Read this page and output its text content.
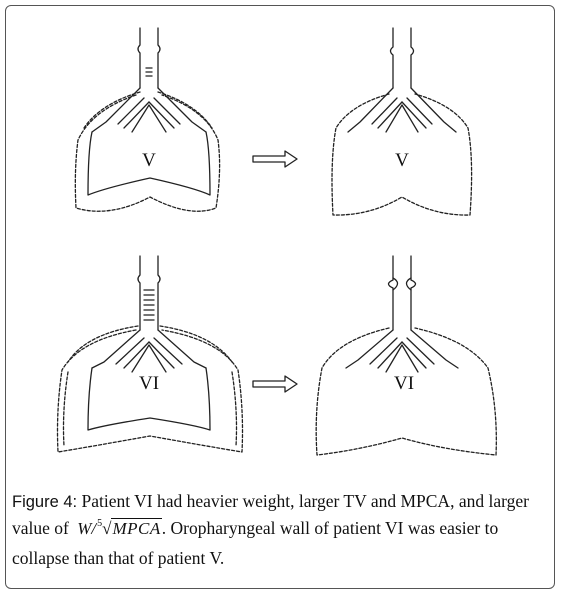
V	V
VI	VI
Figure 4: Patient VI had heavier weight, larger TV and MPCA, and larger value of W/$^5$√MPCA. Oropharyngeal wall of patient VI was easier to collapse than that of patient V.
